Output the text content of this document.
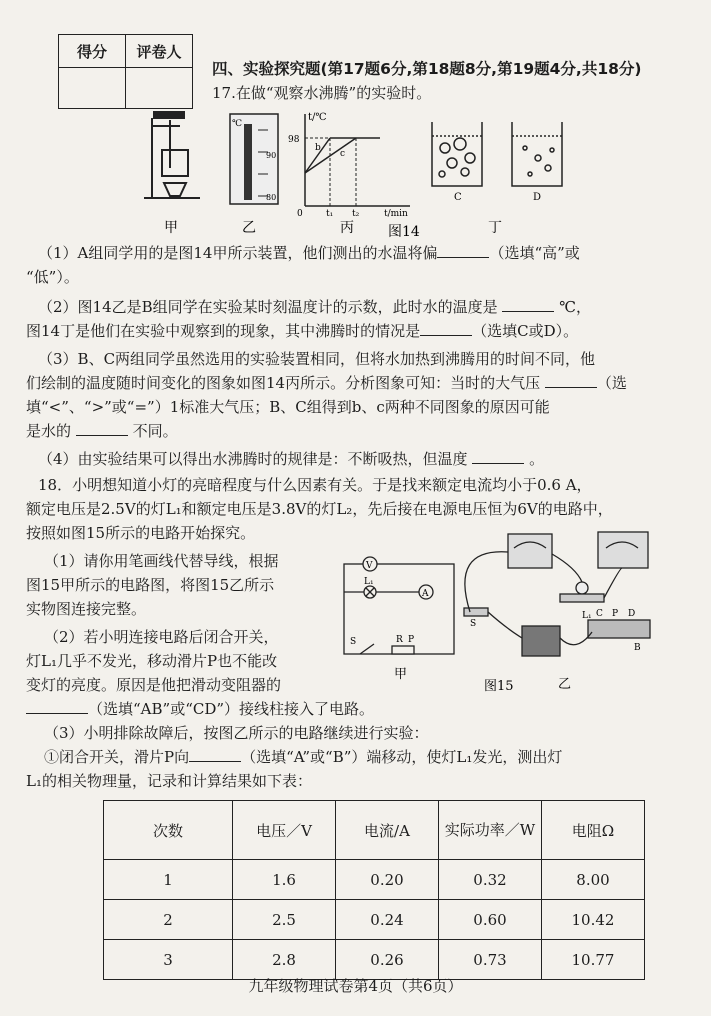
得分	评卷人

四、实验探究题(第17题6分,第18题8分,第19题4分,共18分)
17.在做“观察水沸腾”的实验时。
℃
90
80
t/℃
98
0	t₁ t₂	t/min
b
c
C	D
甲	乙	丙 图14	丁
（1）A组同学用的是图14甲所示装置，他们测出的水温将偏	（选填“高”或
“低”）。
（2）图14乙是B组同学在实验某时刻温度计的示数，此时水的温度是	℃，
图14丁是他们在实验中观察到的现象，其中沸腾时的情况是	（选填C或D）。
（3）B、C两组同学虽然选用的实验装置相同，但将水加热到沸腾用的时间不同，他
们绘制的温度随时间变化的图象如图14丙所示。分析图象可知：当时的大气压	（选
填“<”、“>”或“=”）1标准大气压；B、C组得到b、c两种不同图象的原因可能
是水的	不同。
（4）由实验结果可以得出水沸腾时的规律是：不断吸热，但温度	。
18．小明想知道小灯的亮暗程度与什么因素有关。于是找来额定电流均小于0.6 A，
额定电压是2.5V的灯L₁和额定电压是3.8V的灯L₂，先后接在电源电压恒为6V的电路中，
按照如图15所示的电路开始探究。
（1）请你用笔画线代替导线，根据
图15甲所示的电路图，将图15乙所示
实物图连接完整。
（2）若小明连接电路后闭合开关，
灯L₁几乎不发光，移动滑片P也不能改
变灯的亮度。原因是他把滑动变阻器的
（选填“AB”或“CD”）接线柱接入了电路。
V
A
L₁
S	R P
甲
L₁
S
C P D
B
图15	乙
（3）小明排除故障后，按图乙所示的电路继续进行实验：
①闭合开关，滑片P向	（选填“A”或“B”）端移动，使灯L₁发光，测出灯
L₁的相关物理量，记录和计算结果如下表：
次数	电压／V	电流/A	实际功率／W	电阻Ω
1	1.6	0.20	0.32	8.00
2	2.5	0.24	0.60	10.42
3	2.8	0.26	0.73	10.77
九年级物理试卷第4页（共6页）
